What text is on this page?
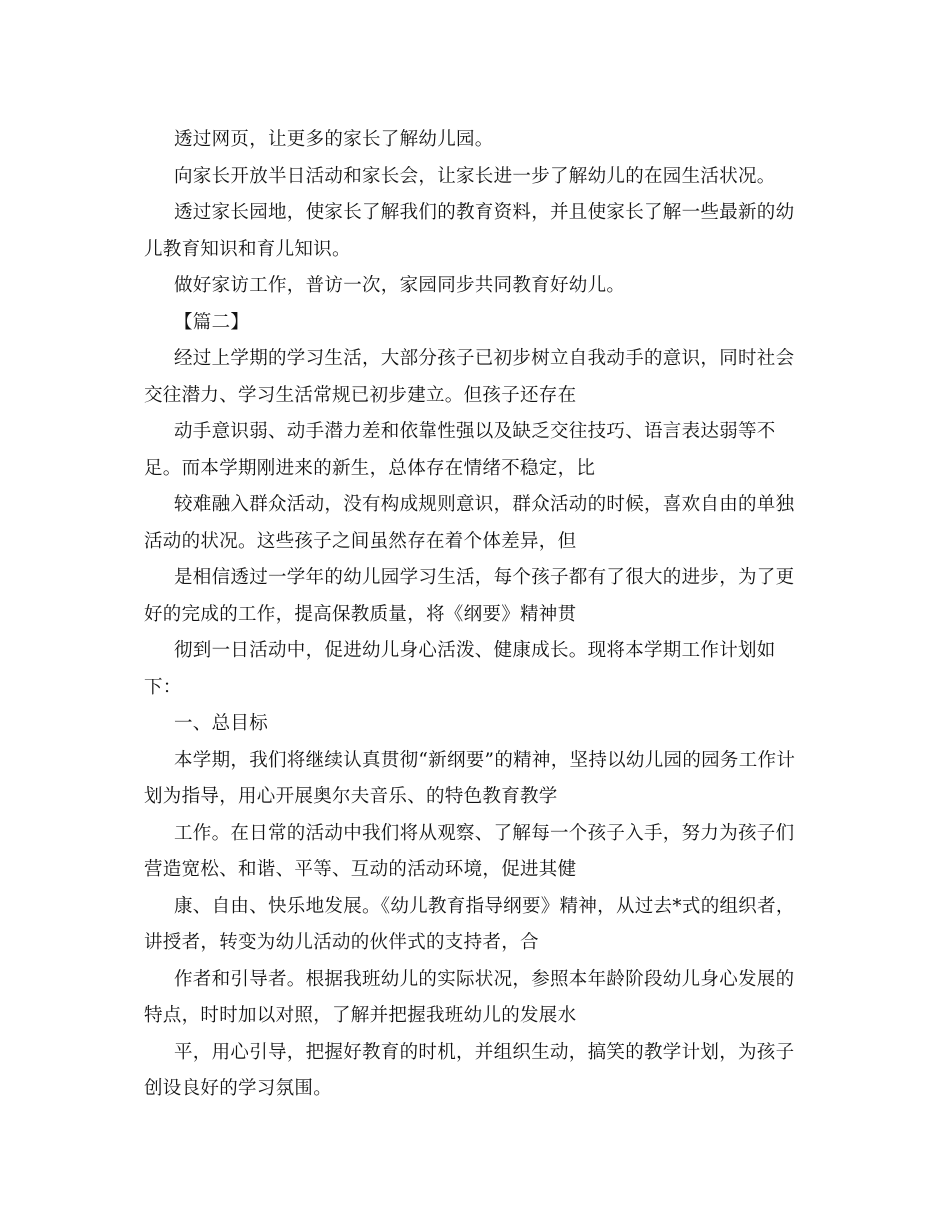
透过网页，让更多的家长了解幼儿园。
向家长开放半日活动和家长会，让家长进一步了解幼儿的在园生活状况。
透过家长园地，使家长了解我们的教育资料，并且使家长了解一些最新的幼
儿教育知识和育儿知识。
做好家访工作，普访一次，家园同步共同教育好幼儿。
【篇二】
经过上学期的学习生活，大部分孩子已初步树立自我动手的意识，同时社会
交往潜力、学习生活常规已初步建立。但孩子还存在
动手意识弱、动手潜力差和依靠性强以及缺乏交往技巧、语言表达弱等不
足。而本学期刚进来的新生，总体存在情绪不稳定，比
较难融入群众活动，没有构成规则意识，群众活动的时候，喜欢自由的单独
活动的状况。这些孩子之间虽然存在着个体差异，但
是相信透过一学年的幼儿园学习生活，每个孩子都有了很大的进步，为了更
好的完成的工作，提高保教质量，将《纲要》精神贯
彻到一日活动中，促进幼儿身心活泼、健康成长。现将本学期工作计划如
下：
一、总目标
本学期，我们将继续认真贯彻“新纲要”的精神，坚持以幼儿园的园务工作计
划为指导，用心开展奥尔夫音乐、的特色教育教学
工作。在日常的活动中我们将从观察、了解每一个孩子入手，努力为孩子们
营造宽松、和谐、平等、互动的活动环境，促进其健
康、自由、快乐地发展。《幼儿教育指导纲要》精神，从过去*式的组织者，
讲授者，转变为幼儿活动的伙伴式的支持者，合
作者和引导者。根据我班幼儿的实际状况，参照本年龄阶段幼儿身心发展的
特点，时时加以对照，了解并把握我班幼儿的发展水
平，用心引导，把握好教育的时机，并组织生动，搞笑的教学计划，为孩子
创设良好的学习氛围。
